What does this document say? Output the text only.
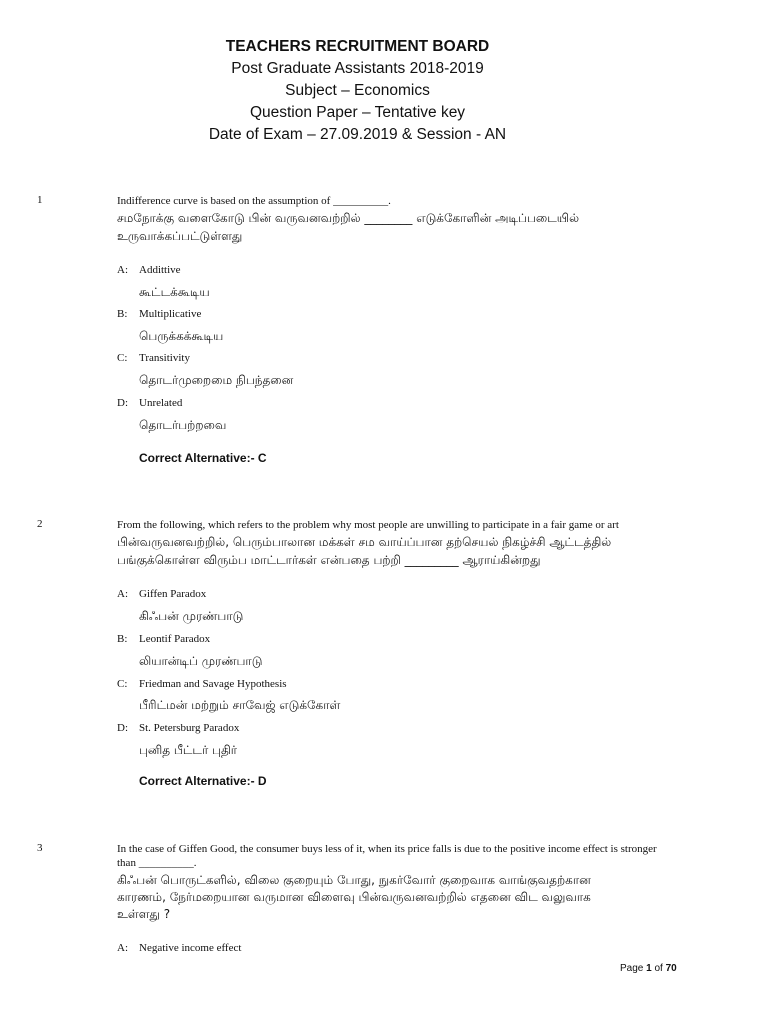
TEACHERS RECRUITMENT BOARD
Post Graduate Assistants 2018-2019
Subject – Economics
Question Paper – Tentative key
Date of Exam – 27.09.2019 & Session - AN
1	Indifference curve is based on the assumption of __________.
சமநோக்கு வளைகோடு பின் வருவனவற்றில் ________ எடுக்கோளின் அடிப்படையில்
உருவாக்கப்பட்டுள்ளது
A: Addittive
கூட்டக்கூடிய
B: Multiplicative
பெருக்கக்கூடிய
C: Transitivity
தொடர்முறைமை நிபந்தனை
D: Unrelated
தொடர்பற்றவை
Correct Alternative:- C
2	From the following, which refers to the problem why most people are unwilling to participate in a fair game or art
பின்வருவனவற்றில், பெரும்பாலான மக்கள் சம வாய்ப்பான தற்செயல் நிகழ்ச்சி ஆட்டத்தில்
பங்குக்கொள்ள விரும்ப மாட்டார்கள் என்பதை பற்றி _________ ஆராய்கின்றது
A: Giffen Paradox
கிஃபன் முரண்பாடு
B: Leontif Paradox
லியான்டிப் முரண்பாடு
C: Friedman and Savage Hypothesis
பீரிட்மன் மற்றும் சாவேஜ் எடுக்கோள்
D: St. Petersburg Paradox
புனித பீட்டர் புதிர்
Correct Alternative:- D
3	In the case of Giffen Good, the consumer buys less of it, when its price falls is due to the positive income effect is stronger
than __________.
கிஃபன் பொருட்களில், விலை குறையும் போது, நுகர்வோர் குறைவாக வாங்குவதற்கான
காரணம், நேர்மறையான வருமான விளைவு பின்வருவனவற்றில் எதனை விட வலுவாக
உள்ளது ?
A: Negative income effect
Page 1 of 70
